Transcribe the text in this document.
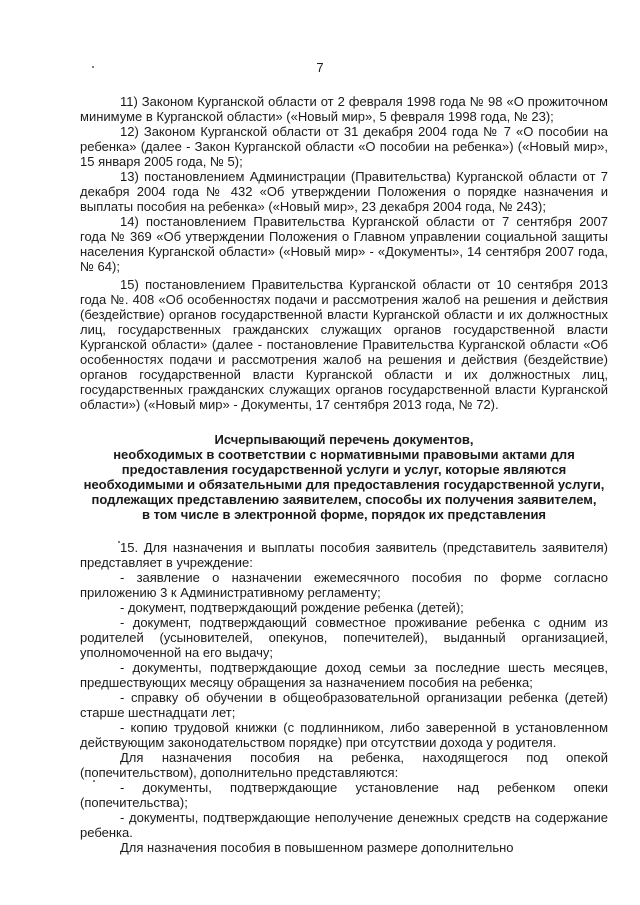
7

11) Законом Курганской области от 2 февраля 1998 года № 98 «О прожиточном минимуме в Курганской области» («Новый мир», 5 февраля 1998 года, № 23);

12) Законом Курганской области от 31 декабря 2004 года № 7 «О пособии на ребенка» (далее - Закон Курганской области «О пособии на ребенка») («Новый мир», 15 января 2005 года, № 5);

13) постановлением Администрации (Правительства) Курганской области от 7 декабря 2004 года № 432 «Об утверждении Положения о порядке назначения и выплаты пособия на ребенка» («Новый мир», 23 декабря 2004 года, № 243);

14) постановлением Правительства Курганской области от 7 сентября 2007 года № 369 «Об утверждении Положения о Главном управлении социальной защиты населения Курганской области» («Новый мир» - «Документы», 14 сентября 2007 года, № 64);

15) постановлением Правительства Курганской области от 10 сентября 2013 года №. 408 «Об особенностях подачи и рассмотрения жалоб на решения и действия (бездействие) органов государственной власти Курганской области и их должностных лиц, государственных гражданских служащих органов государственной власти Курганской области» (далее - постановление Правительства Курганской области «Об особенностях подачи и рассмотрения жалоб на решения и действия (бездействие) органов государственной власти Курганской области и их должностных лиц, государственных гражданских служащих органов государственной власти Курганской области») («Новый мир» - Документы, 17 сентября 2013 года, № 72).

Исчерпывающий перечень документов,
необходимых в соответствии с нормативными правовыми актами для
предоставления государственной услуги и услуг, которые являются
необходимыми и обязательными для предоставления государственной услуги,
подлежащих представлению заявителем, способы их получения заявителем,
в том числе в электронной форме, порядок их представления

15. Для назначения и выплаты пособия заявитель (представитель заявителя) представляет в учреждение:

- заявление о назначении ежемесячного пособия по форме согласно приложению 3 к Административному регламенту;

- документ, подтверждающий рождение ребенка (детей);

- документ, подтверждающий совместное проживание ребенка с одним из родителей (усыновителей, опекунов, попечителей), выданный организацией, уполномоченной на его выдачу;

- документы, подтверждающие доход семьи за последние шесть месяцев, предшествующих месяцу обращения за назначением пособия на ребенка;

- справку об обучении в общеобразовательной организации ребенка (детей) старше шестнадцати лет;

- копию трудовой книжки (с подлинником, либо заверенной в установленном действующим законодательством порядке) при отсутствии дохода у родителя.

Для назначения пособия на ребенка, находящегося под опекой (попечительством), дополнительно представляются:

- документы, подтверждающие установление над ребенком опеки (попечительства);

- документы, подтверждающие неполучение денежных средств на содержание ребенка.

Для назначения пособия в повышенном размере дополнительно
